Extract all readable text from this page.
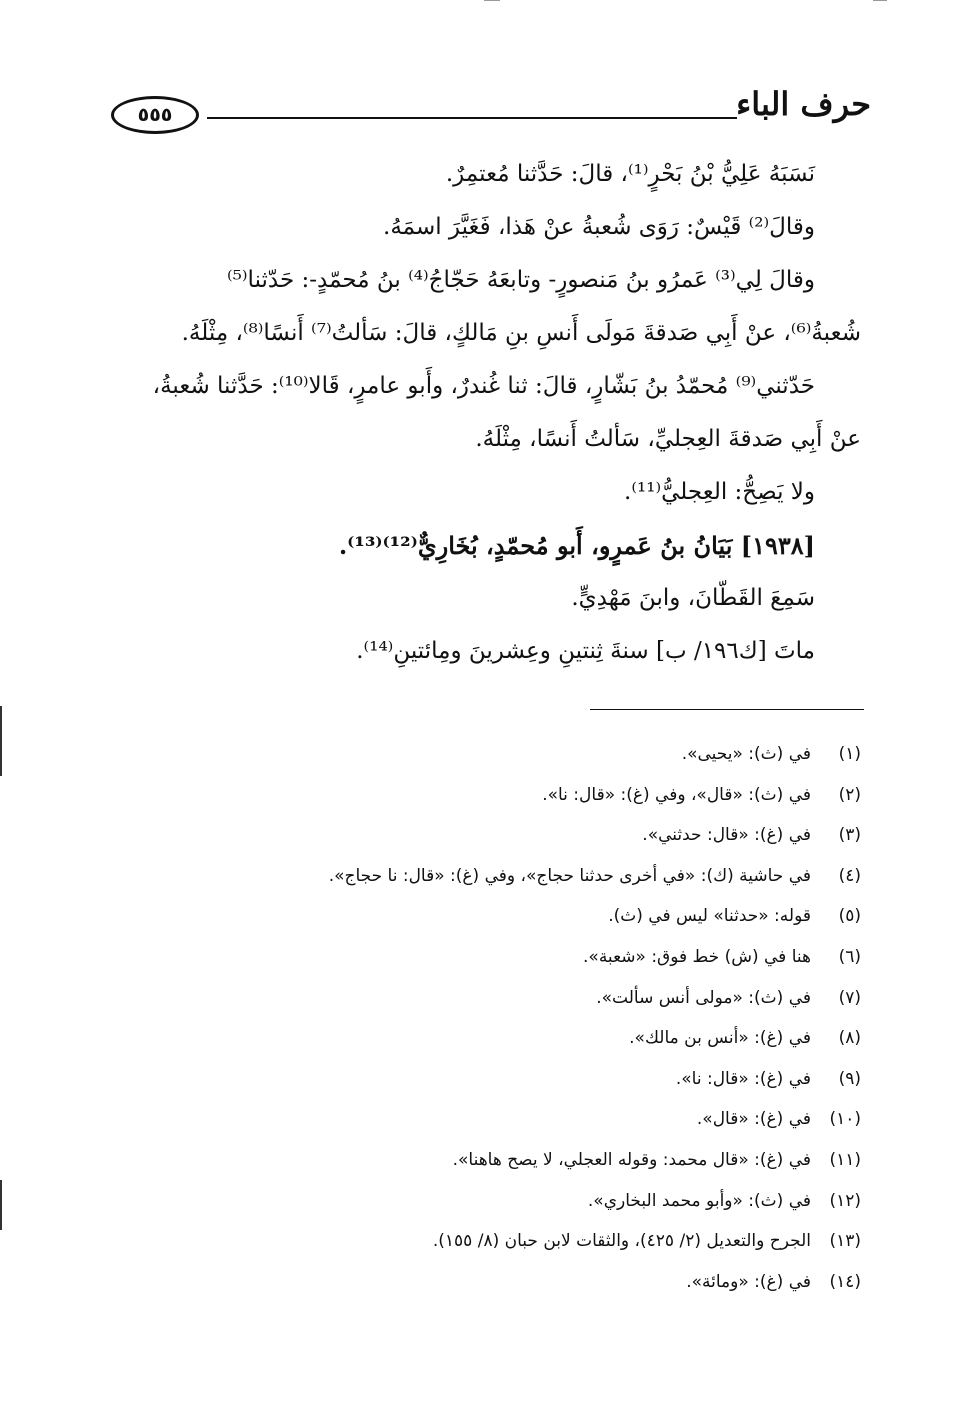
حرف الباء
٥٥٥

نَسَبَهُ عَلِيُّ بْنُ بَحْرٍ⁽¹⁾، قالَ: حَدَّثنا مُعتمِرٌ.

وقالَ⁽²⁾ قَيْسٌ: رَوَى شُعبةُ عنْ هَذا، فَغَيَّرَ اسمَهُ.

وقالَ لِي⁽³⁾ عَمرُو بنُ مَنصورٍ- وتابعَهُ حَجّاجُ⁽⁴⁾ بنُ مُحمّدٍ-: حَدّثنا⁽⁵⁾

شُعبةُ⁽⁶⁾، عنْ أَبِي صَدقةَ مَولَى أَنسِ بنِ مَالكٍ، قالَ: سَألتُ⁽⁷⁾ أَنسًا⁽⁸⁾، مِثْلَهُ.

حَدّثني⁽⁹⁾ مُحمّدُ بنُ بَشّارٍ، قالَ: ثنا غُندرٌ، وأَبو عامرٍ، قَالا⁽¹⁰⁾: حَدَّثنا شُعبةُ،

عنْ أَبِي صَدقةَ العِجليِّ، سَألتُ أَنسًا، مِثْلَهُ.

ولا يَصِحُّ: العِجليُّ⁽¹¹⁾.

[١٩٣٨] بَيَانُ بنُ عَمرٍو، أَبو مُحمّدٍ، بُخَارِيٌّ⁽¹²⁾⁽¹³⁾.

سَمِعَ القَطّانَ، وابنَ مَهْدِيٍّ.

ماتَ [ك١٩٦/ ب] سنةَ ثِنتينِ وعِشرينَ ومِائتينِ⁽¹⁴⁾.

(١)
في (ث): «يحيى».
(٢)
في (ث): «قال»، وفي (غ): «قال: نا».
(٣)
في (غ): «قال: حدثني».
(٤)
في حاشية (ك): «في أخرى حدثنا حجاج»، وفي (غ): «قال: نا حجاج».
(٥)
قوله: «حدثنا» ليس في (ث).
(٦)
هنا في (ش) خط فوق: «شعبة».
(٧)
في (ث): «مولى أنس سألت».
(٨)
في (غ): «أنس بن مالك».
(٩)
في (غ): «قال: نا».
(١٠)
في (غ): «قال».
(١١)
في (غ): «قال محمد: وقوله العجلي، لا يصح هاهنا».
(١٢)
في (ث): «وأبو محمد البخاري».
(١٣)
الجرح والتعديل (٢/ ٤٢٥)، والثقات لابن حبان (٨/ ١٥٥).
(١٤)
في (غ): «ومائة».
